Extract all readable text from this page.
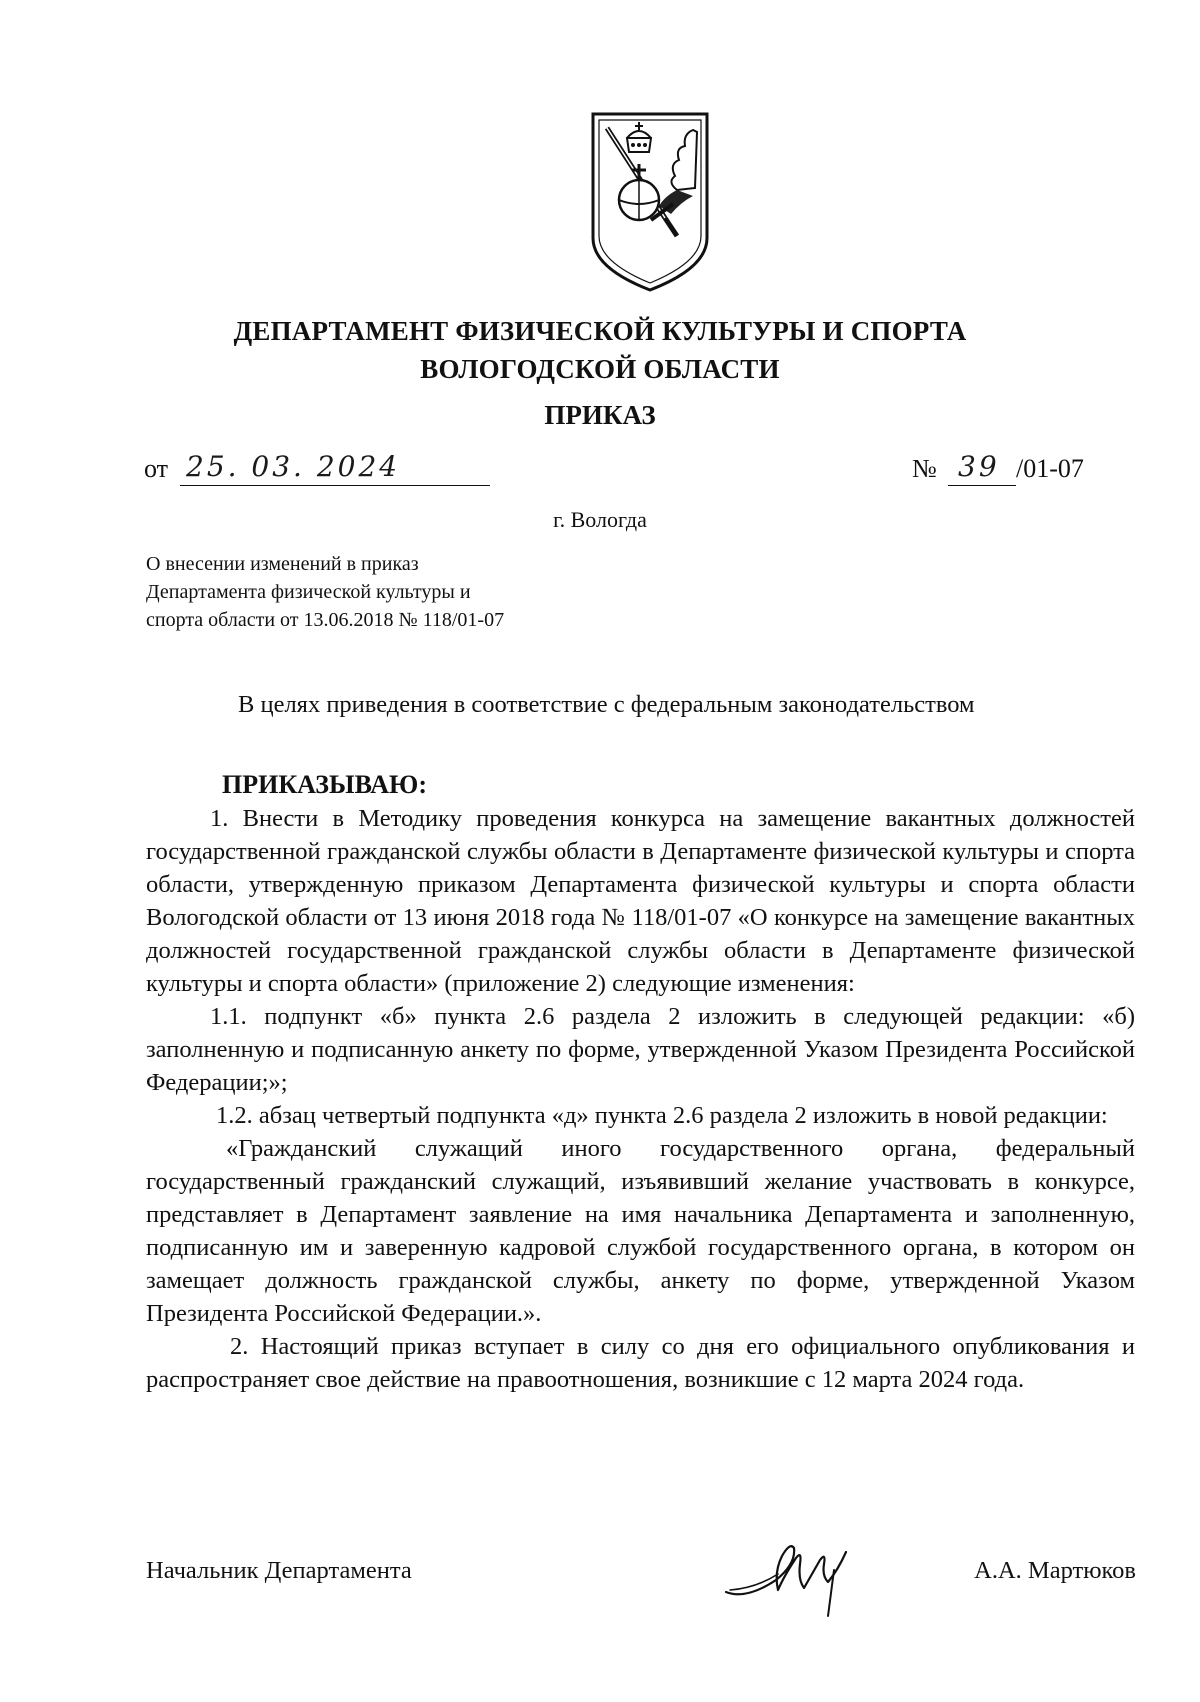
ДЕПАРТАМЕНТ ФИЗИЧЕСКОЙ КУЛЬТУРЫ И СПОРТА
ВОЛОГОДСКОЙ ОБЛАСТИ
ПРИКАЗ
от 25. 03. 2024	№ 39 /01-07
г. Вологда
О внесении изменений в приказ
Департамента физической культуры и
спорта области от 13.06.2018 № 118/01-07
В целях приведения в соответствие с федеральным законодательством
ПРИКАЗЫВАЮ:

1. Внести в Методику проведения конкурса на замещение вакантных должностей государственной гражданской службы области в Департаменте физической культуры и спорта области, утвержденную приказом Департамента физической культуры и спорта области Вологодской области от 13 июня 2018 года № 118/01-07 «О конкурсе на замещение вакантных должностей государственной гражданской службы области в Департаменте физической культуры и спорта области» (приложение 2) следующие изменения:

1.1. подпункт «б» пункта 2.6 раздела 2 изложить в следующей редакции: «б) заполненную и подписанную анкету по форме, утвержденной Указом Президента Российской Федерации;»;

1.2. абзац четвертый подпункта «д» пункта 2.6 раздела 2 изложить в новой редакции:

«Гражданский служащий иного государственного органа, федеральный государственный гражданский служащий, изъявивший желание участвовать в конкурсе, представляет в Департамент заявление на имя начальника Департамента и заполненную, подписанную им и заверенную кадровой службой государственного органа, в котором он замещает должность гражданской службы, анкету по форме, утвержденной Указом Президента Российской Федерации.».

2. Настоящий приказ вступает в силу со дня его официального опубликования и распространяет свое действие на правоотношения, возникшие с 12 марта 2024 года.

Начальник Департамента	А.А. Мартюков
